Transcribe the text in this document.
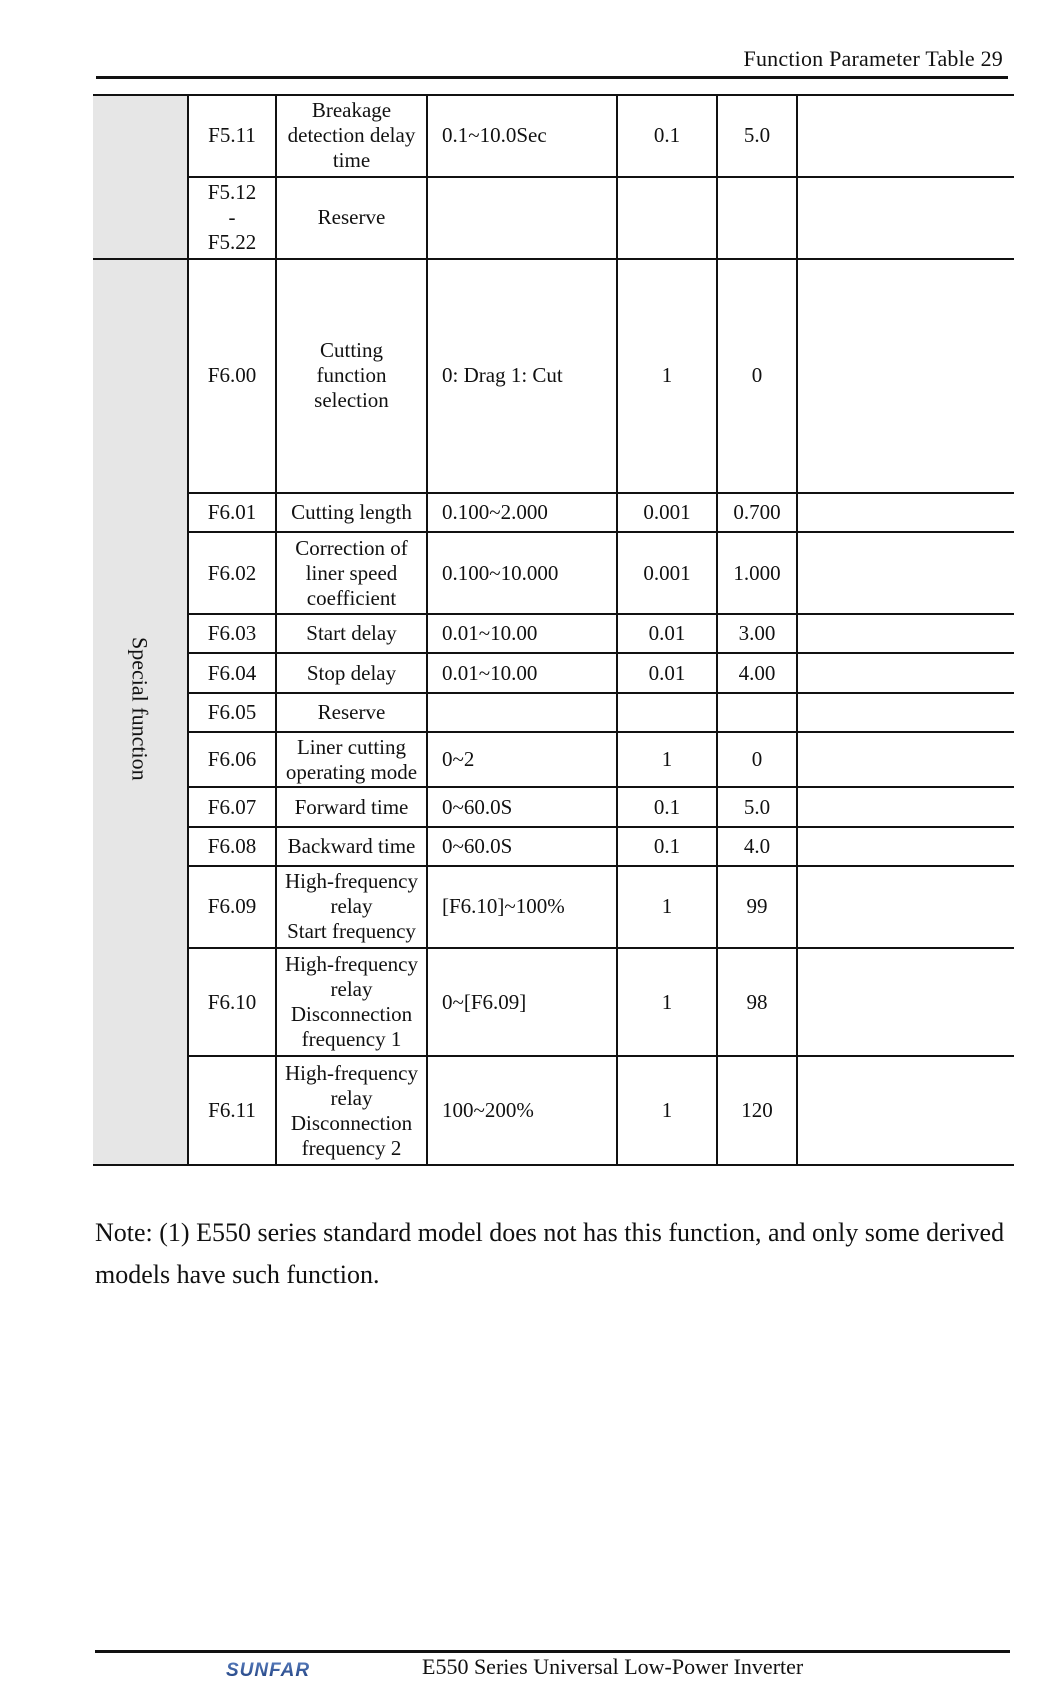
Function Parameter Table 29
	F5.11	Breakage
detection delay
time	0.1~10.0Sec	0.1	5.0	
	F5.12
-
F5.22	Reserve				
Special function	F6.00	Cutting function
selection	0: Drag 1: Cut	1	0	
	F6.01	Cutting length	0.100~2.000	0.001	0.700	
	F6.02	Correction of
liner speed
coefficient	0.100~10.000	0.001	1.000	
	F6.03	Start delay	0.01~10.00	0.01	3.00	
	F6.04	Stop delay	0.01~10.00	0.01	4.00	
	F6.05	Reserve				
	F6.06	Liner cutting
operating mode	0~2	1	0	
	F6.07	Forward time	0~60.0S	0.1	5.0	
	F6.08	Backward time	0~60.0S	0.1	4.0	
	F6.09	High-frequency
relay
Start frequency	[F6.10]~100%	1	99	
	F6.10	High-frequency
relay
Disconnection
frequency 1	0~[F6.09]	1	98	
	F6.11	High-frequency
relay
Disconnection
frequency 2	100~200%	1	120	
Note: (1) E550 series standard model does not has this function, and only some derived models have such function.
SUNFAR	E550 Series Universal Low-Power Inverter
